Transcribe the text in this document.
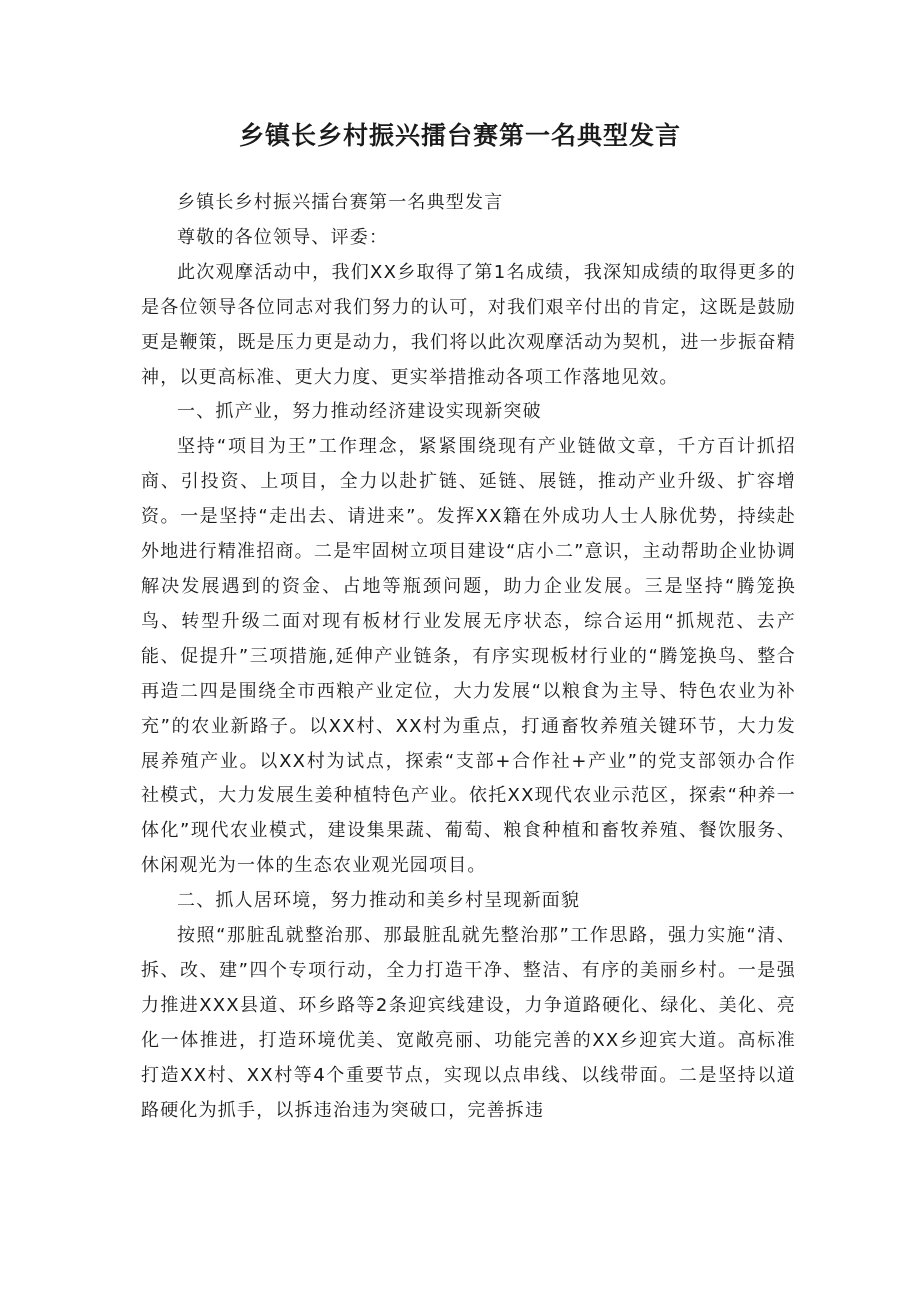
乡镇长乡村振兴擂台赛第一名典型发言

乡镇长乡村振兴擂台赛第一名典型发言

尊敬的各位领导、评委：

此次观摩活动中，我们XX乡取得了第1名成绩，我深知成绩的取得更多的是各位领导各位同志对我们努力的认可，对我们艰辛付出的肯定，这既是鼓励更是鞭策，既是压力更是动力，我们将以此次观摩活动为契机，进一步振奋精神，以更高标准、更大力度、更实举措推动各项工作落地见效。

一、抓产业，努力推动经济建设实现新突破

坚持“项目为王”工作理念，紧紧围绕现有产业链做文章，千方百计抓招商、引投资、上项目，全力以赴扩链、延链、展链，推动产业升级、扩容增资。一是坚持“走出去、请进来”。发挥XX籍在外成功人士人脉优势，持续赴外地进行精准招商。二是牢固树立项目建设“店小二”意识，主动帮助企业协调解决发展遇到的资金、占地等瓶颈问题，助力企业发展。三是坚持“腾笼换鸟、转型升级二面对现有板材行业发展无序状态，综合运用“抓规范、去产能、促提升”三项措施,延伸产业链条，有序实现板材行业的“腾笼换鸟、整合再造二四是围绕全市西粮产业定位，大力发展“以粮食为主导、特色农业为补充”的农业新路子。以XX村、XX村为重点，打通畜牧养殖关键环节，大力发展养殖产业。以XX村为试点，探索“支部+合作社+产业”的党支部领办合作社模式，大力发展生姜种植特色产业。依托XX现代农业示范区，探索“种养一体化”现代农业模式，建设集果蔬、葡萄、粮食种植和畜牧养殖、餐饮服务、休闲观光为一体的生态农业观光园项目。

二、抓人居环境，努力推动和美乡村呈现新面貌

按照“那脏乱就整治那、那最脏乱就先整治那”工作思路，强力实施“清、拆、改、建”四个专项行动，全力打造干净、整洁、有序的美丽乡村。一是强力推进XXX县道、环乡路等2条迎宾线建设，力争道路硬化、绿化、美化、亮化一体推进，打造环境优美、宽敞亮丽、功能完善的XX乡迎宾大道。高标准打造XX村、XX村等4个重要节点，实现以点串线、以线带面。二是坚持以道路硬化为抓手，以拆违治违为突破口，完善拆违
